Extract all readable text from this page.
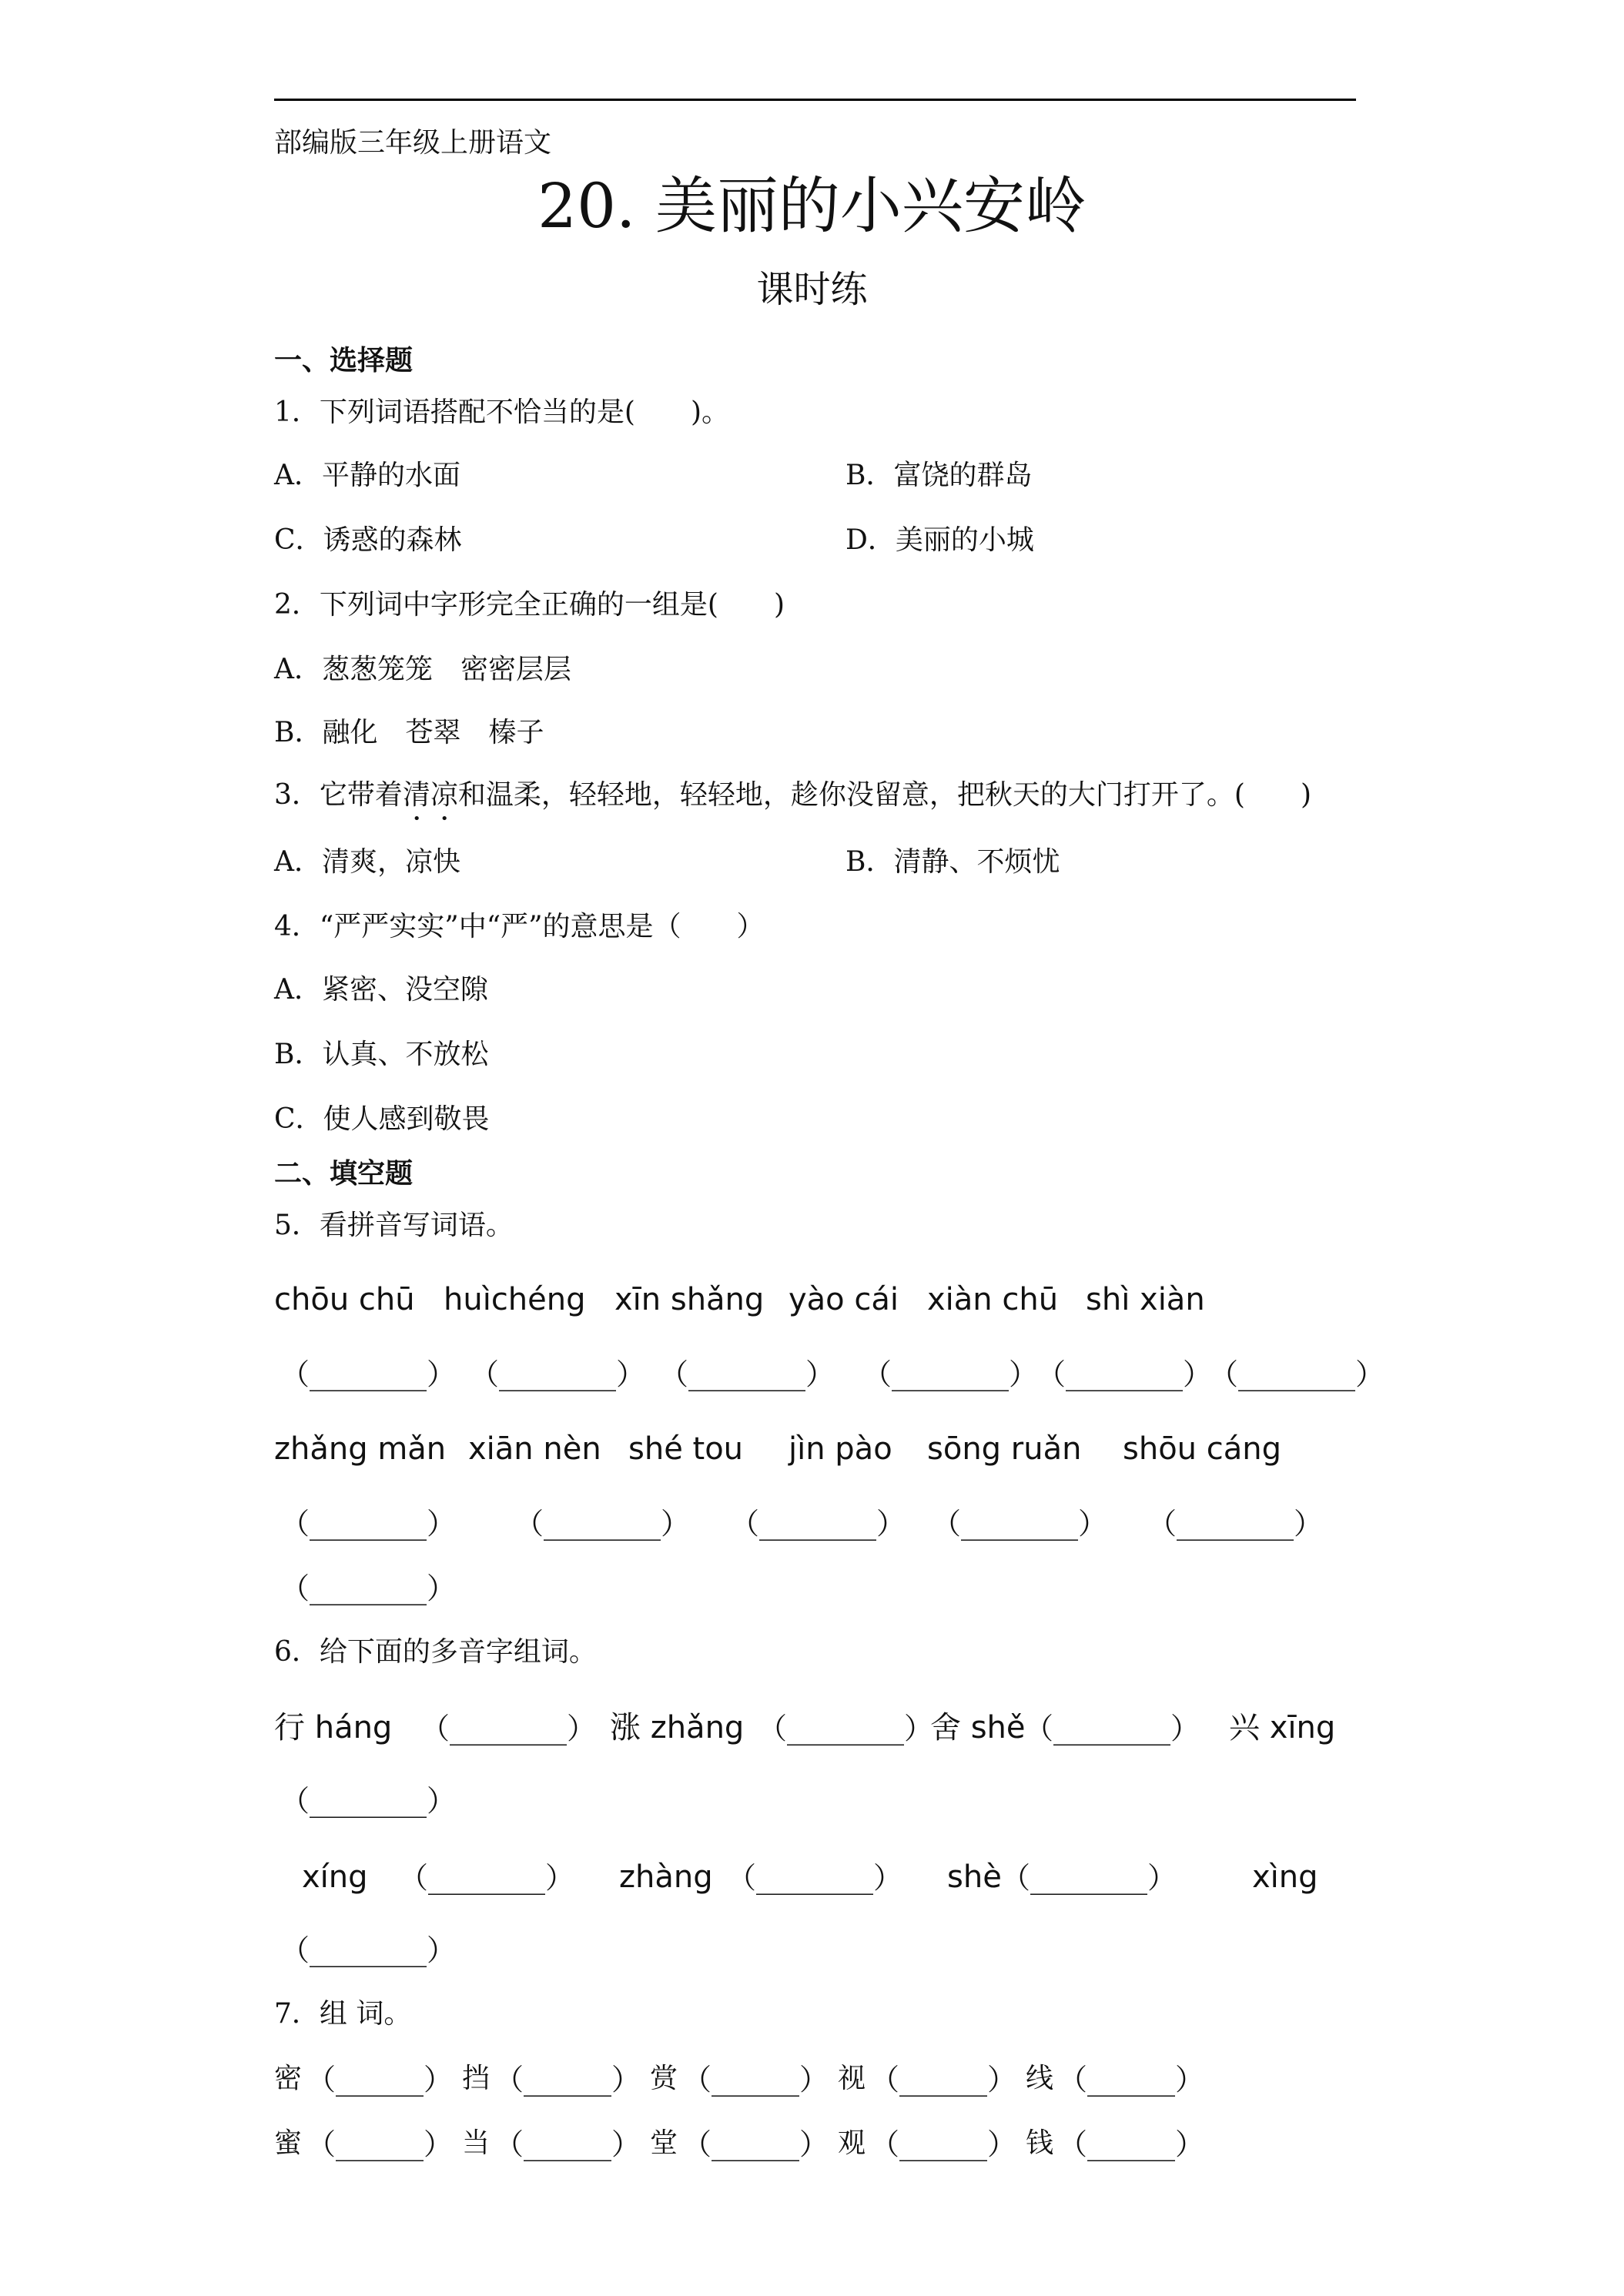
部编版三年级上册语文
20. 美丽的小兴安岭
课时练
一、选择题
1．下列词语搭配不恰当的是(　　)。
A．平静的水面	B．富饶的群岛
C．诱惑的森林	D．美丽的小城
2．下列词中字形完全正确的一组是(　　)
A．葱葱笼笼　密密层层
B．融化　苍翠　榛子
3．它带着清凉和温柔，轻轻地，轻轻地，趁你没留意，把秋天的大门打开了。(　　)
A．清爽，凉快	B．清静、不烦忧
4．“严严实实”中“严”的意思是（　　）
A．紧密、没空隙
B．认真、不放松
C．使人感到敬畏
二、填空题
5．看拼音写词语。
chōu chū huìchéng xīn shǎng yào cái xiàn chū shì xiàn
（________） （________） （________） （________）
（________）
（________）
zhǎng mǎn xiān nèn shé tou jìn pào sōng ruǎn shōu cáng
（________） （________） （________） （________） （________）
（________）
6．给下面的多音字组词。
行 háng （________） 涨 zhǎng （________）
舍 shě
（________） 兴 xīng
（________）
xíng （________） zhàng （________） shè （________） xìng
（________）
7．组 词。
密 （______） 挡 （______） 赏 （______） 视 （______） 线 （______）
蜜 （______） 当 （______） 堂 （______） 观 （______） 钱 （______）
